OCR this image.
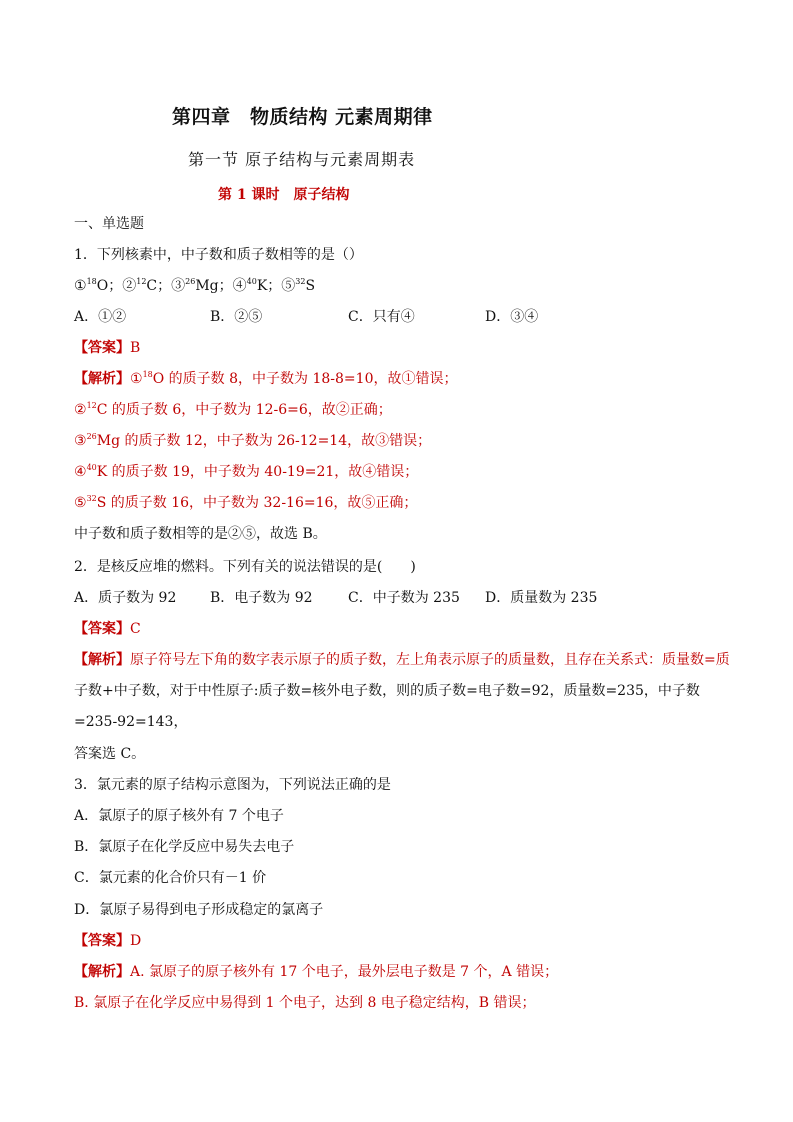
第四章　物质结构 元素周期律
第一节 原子结构与元素周期表
第 1 课时　原子结构
一、单选题
1．下列核素中，中子数和质子数相等的是（）
①$^{18}$O；②$^{12}$C；③$^{26}$Mg；④$^{40}$K；⑤$^{32}$S
A．①②	B．②⑤	C．只有④	D．③④
【答案】B
【解析】①$^{18}$O 的质子数 8，中子数为 18-8=10，故①错误；
②$^{12}$C 的质子数 6，中子数为 12-6=6，故②正确；
③$^{26}$Mg 的质子数 12，中子数为 26-12=14，故③错误；
④$^{40}$K 的质子数 19，中子数为 40-19=21，故④错误；
⑤$^{32}$S 的质子数 16，中子数为 32-16=16，故⑤正确；
中子数和质子数相等的是②⑤，故选 B。
2．是核反应堆的燃料。下列有关的说法错误的是(　　)
A．质子数为 92 B．电子数为 92	C．中子数为 235 D．质量数为 235
【答案】C
【解析】原子符号左下角的数字表示原子的质子数，左上角表示原子的质量数，且存在关系式：质量数=质
子数+中子数，对于中性原子:质子数=核外电子数，则的质子数=电子数=92，质量数=235，中子数
=235-92=143，
答案选 C。
3．氯元素的原子结构示意图为，下列说法正确的是
A．氯原子的原子核外有 7 个电子
B．氯原子在化学反应中易失去电子
C．氯元素的化合价只有－1 价
D．氯原子易得到电子形成稳定的氯离子
【答案】D
【解析】A. 氯原子的原子核外有 17 个电子，最外层电子数是 7 个，A 错误；
B. 氯原子在化学反应中易得到 1 个电子，达到 8 电子稳定结构，B 错误；
